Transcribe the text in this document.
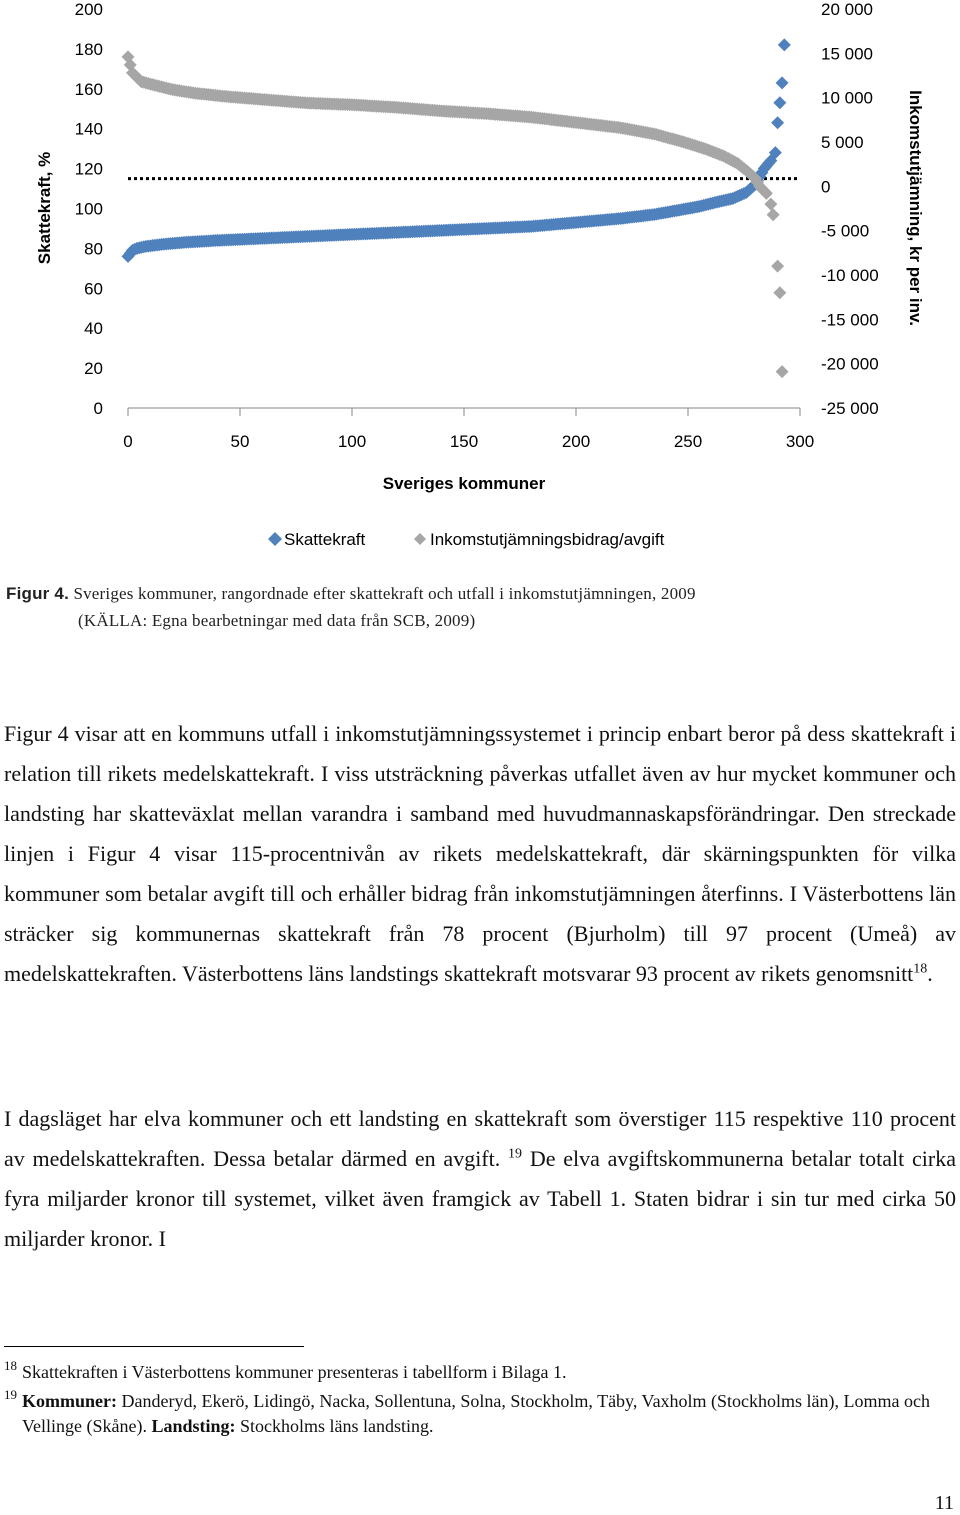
200
180
160
140
120
100
80
60
40
20
0
20 000
15 000
10 000
5 000
0
-5 000
-10 000
-15 000
-20 000
-25 000
0	50	100	150	200	250	300
Skattekraft, %	Inkomstutjämning, kr per inv.
Sveriges kommuner
Skattekraft	Inkomstutjämningsbidrag/avgift
Figur 4. Sveriges kommuner, rangordnade efter skattekraft och utfall i inkomstutjämningen, 2009
(KÄLLA: Egna bearbetningar med data från SCB, 2009)
Figur 4 visar att en kommuns utfall i inkomstutjämningssystemet i princip enbart beror på dess skattekraft i relation till rikets medelskattekraft. I viss utsträckning påverkas utfallet även av hur mycket kommuner och landsting har skatteväxlat mellan varandra i samband med huvudmannaskapsförändringar. Den streckade linjen i Figur 4 visar 115-procentnivån av rikets medelskattekraft, där skärningspunkten för vilka kommuner som betalar avgift till och erhåller bidrag från inkomstutjämningen återfinns. I Västerbottens län sträcker sig kommunernas skattekraft från 78 procent (Bjurholm) till 97 procent (Umeå) av medelskattekraften. Västerbottens läns landstings skattekraft motsvarar 93 procent av rikets genomsnitt$^{18}$.
I dagsläget har elva kommuner och ett landsting en skattekraft som överstiger 115 respektive 110 procent av medelskattekraften. Dessa betalar därmed en avgift. $^{19}$ De elva avgiftskommunerna betalar totalt cirka fyra miljarder kronor till systemet, vilket även framgick av Tabell 1. Staten bidrar i sin tur med cirka 50 miljarder kronor. I
18 Skattekraften i Västerbottens kommuner presenteras i tabellform i Bilaga 1.
19 Kommuner: Danderyd, Ekerö, Lidingö, Nacka, Sollentuna, Solna, Stockholm, Täby, Vaxholm (Stockholms län), Lomma och Vellinge (Skåne). Landsting: Stockholms läns landsting.
11
